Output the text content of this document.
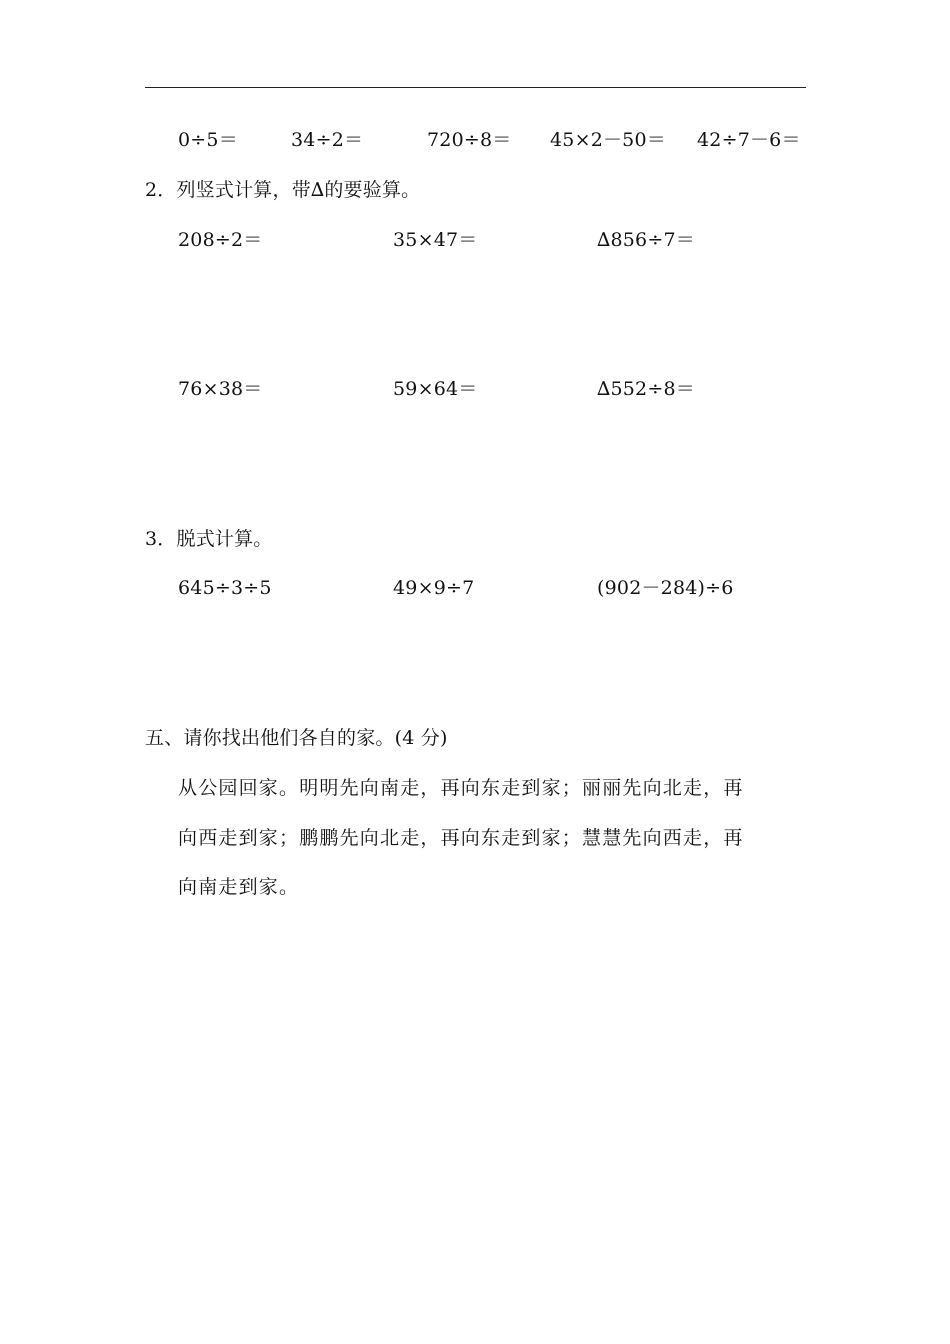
0÷5＝	34÷2＝	720÷8＝ 45×2－50＝ 42÷7－6＝
2．列竖式计算，带∆的要验算。
208÷2＝	35×47＝	∆856÷7＝
76×38＝	59×64＝	∆552÷8＝
3．脱式计算。
645÷3÷5	49×9÷7	(902－284)÷6
五、请你找出他们各自的家。(4 分)
从公园回家。明明先向南走，再向东走到家；丽丽先向北走，再
向西走到家；鹏鹏先向北走，再向东走到家；慧慧先向西走，再
向南走到家。
